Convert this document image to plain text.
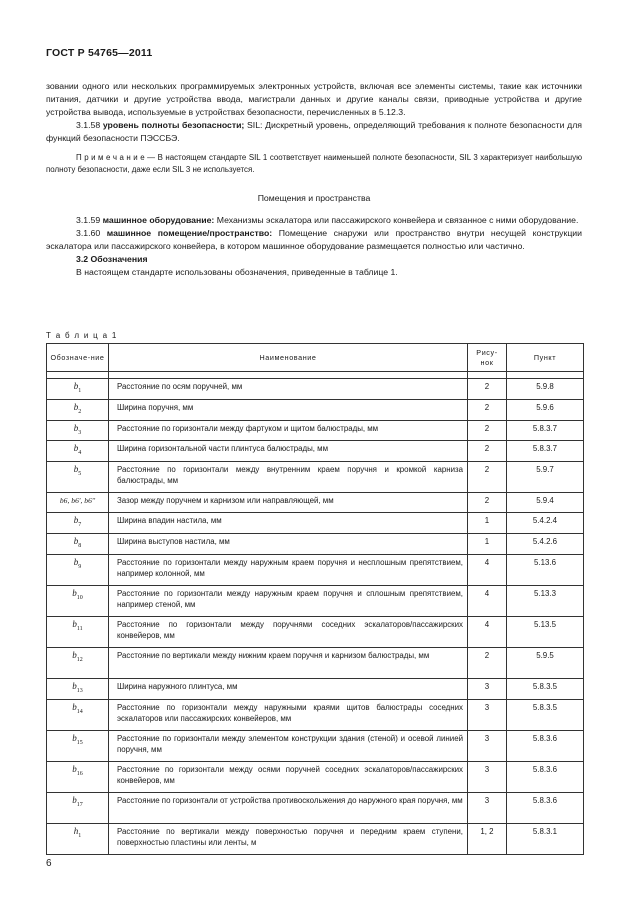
ГОСТ Р 54765—2011

зовании одного или нескольких программируемых электронных устройств, включая все элементы системы, такие как источники питания, датчики и другие устройства ввода, магистрали данных и другие каналы связи, приводные устройства и другие устройства вывода, используемые в устройствах безопасности, перечисленных в 5.12.3.

3.1.58 уровень полноты безопасности; SIL: Дискретный уровень, определяющий требования к полноте безопасности для функций безопасности ПЭССБЭ.

П р и м е ч а н и е — В настоящем стандарте SIL 1 соответствует наименьшей полноте безопасности, SIL 3 характеризует наибольшую полноту безопасности, даже если SIL 3 не используется.

Помещения и пространства

3.1.59 машинное оборудование: Механизмы эскалатора или пассажирского конвейера и связанное с ними оборудование.

3.1.60 машинное помещение/пространство: Помещение снаружи или пространство внутри несущей конструкции эскалатора или пассажирского конвейера, в котором машинное оборудование размещается полностью или частично.

3.2 Обозначения

В настоящем стандарте использованы обозначения, приведенные в таблице 1.

Т а б л и ц а 1
Обозначе-ние	Наименование	Рису-нок	Пункт

$b_1$	Расстояние по осям поручней, мм	2	5.9.8
$b_2$	Ширина поручня, мм	2	5.9.6
$b_3$	Расстояние по горизонтали между фартуком и щитом балюстрады, мм	2	5.8.3.7
$b_4$	Ширина горизонтальной части плинтуса балюстрады, мм	2	5.8.3.7
$b_5$	Расстояние по горизонтали между внутренним краем поручня и кромкой карниза балюстрады, мм	2	5.9.7
b6, b6', b6''	Зазор между поручнем и карнизом или направляющей, мм	2	5.9.4
$b_7$	Ширина впадин настила, мм	1	5.4.2.4
$b_8$	Ширина выступов настила, мм	1	5.4.2.6
$b_9$	Расстояние по горизонтали между наружным краем поручня и несплошным препятствием, например колонной, мм	4	5.13.6
$b_{10}$	Расстояние по горизонтали между наружным краем поручня и сплошным препятствием, например стеной, мм	4	5.13.3
$b_{11}$	Расстояние по горизонтали между поручнями соседних эскалаторов/пассажирских конвейеров, мм	4	5.13.5
$b_{12}$	Расстояние по вертикали между нижним краем поручня и карнизом балюстрады, мм	2	5.9.5
$b_{13}$	Ширина наружного плинтуса, мм	3	5.8.3.5
$b_{14}$	Расстояние по горизонтали между наружными краями щитов балюстрады соседних эскалаторов или пассажирских конвейеров, мм	3	5.8.3.5
$b_{15}$	Расстояние по горизонтали между элементом конструкции здания (стеной) и осевой линией поручня, мм	3	5.8.3.6
$b_{16}$	Расстояние по горизонтали между осями поручней соседних эскалаторов/пассажирских конвейеров, мм	3	5.8.3.6
$b_{17}$	Расстояние по горизонтали от устройства противоскольжения до наружного края поручня, мм	3	5.8.3.6
$h_1$	Расстояние по вертикали между поверхностью поручня и передним краем ступени, поверхностью пластины или ленты, м	1, 2	5.8.3.1
6
